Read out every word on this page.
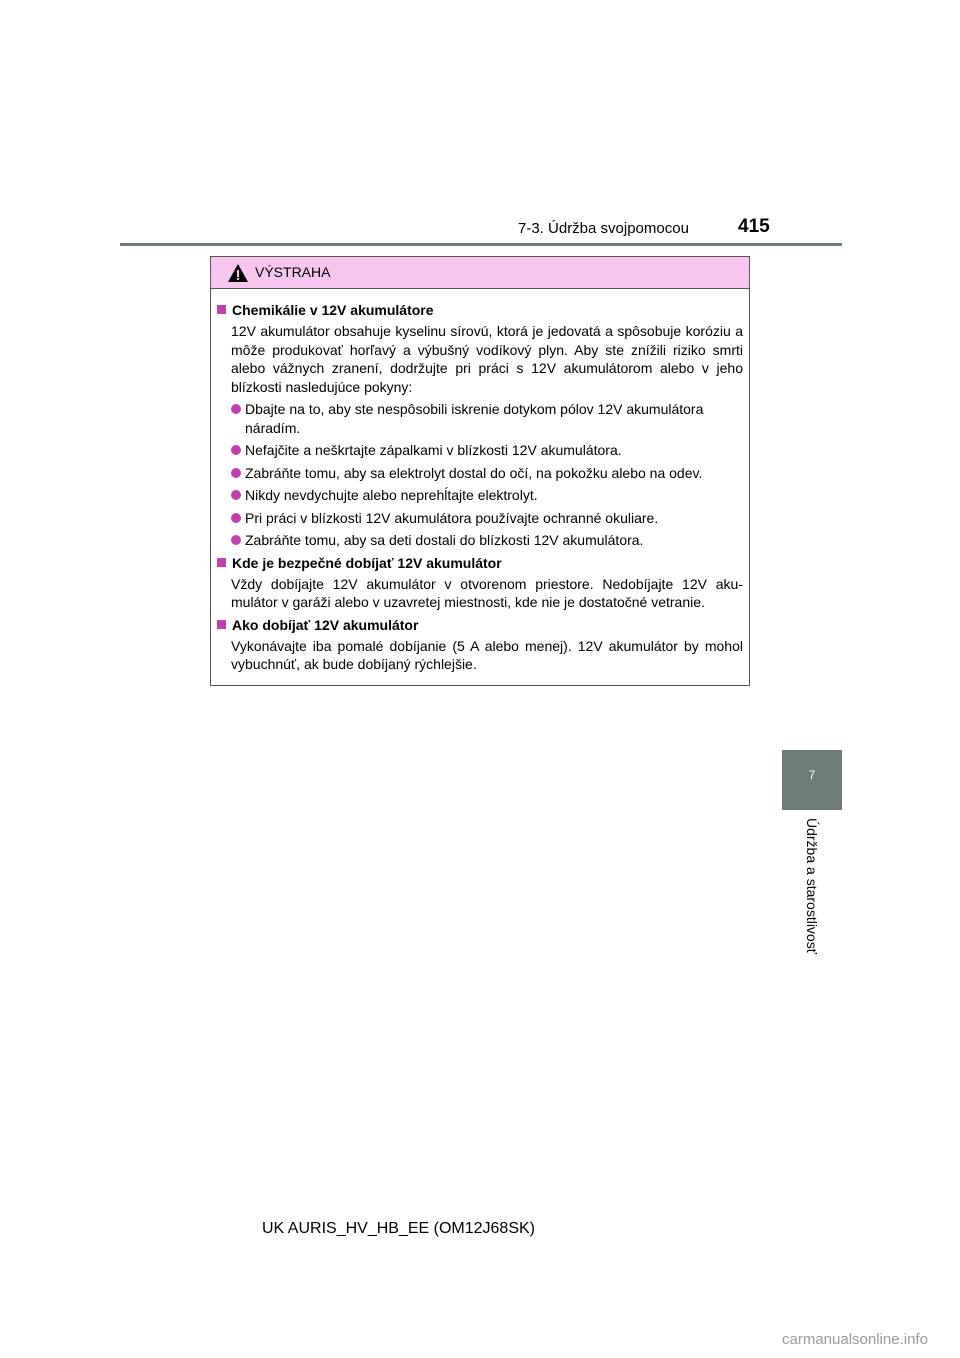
7-3. Údržba svojpomocou	415
7
Údržba a starostlivosť
VÝSTRAHA
Chemikálie v 12V akumulátore

12V akumulátor obsahuje kyselinu sírovú, ktorá je jedovatá a spôsobuje koróziu a môže produkovať horľavý a výbušný vodíkový plyn. Aby ste znížili riziko smrti alebo vážnych zranení, dodržujte pri práci s 12V akumulátorom alebo v jeho blízkosti nasledujúce pokyny:

Dbajte na to, aby ste nespôsobili iskrenie dotykom pólov 12V akumulátora náradím.
Nefajčite a neškrtajte zápalkami v blízkosti 12V akumulátora.
Zabráňte tomu, aby sa elektrolyt dostal do očí, na pokožku alebo na odev.
Nikdy nevdychujte alebo neprehĺtajte elektrolyt.
Pri práci v blízkosti 12V akumulátora používajte ochranné okuliare.
Zabráňte tomu, aby sa deti dostali do blízkosti 12V akumulátora.
Kde je bezpečné dobíjať 12V akumulátor

Vždy dobíjajte 12V akumulátor v otvorenom priestore. Nedobíjajte 12V aku-mulátor v garáži alebo v uzavretej miestnosti, kde nie je dostatočné vetranie.

Ako dobíjať 12V akumulátor

Vykonávajte iba pomalé dobíjanie (5 A alebo menej). 12V akumulátor by mohol vybuchnúť, ak bude dobíjaný rýchlejšie.

UK AURIS_HV_HB_EE (OM12J68SK)
carmanualsonline.info
